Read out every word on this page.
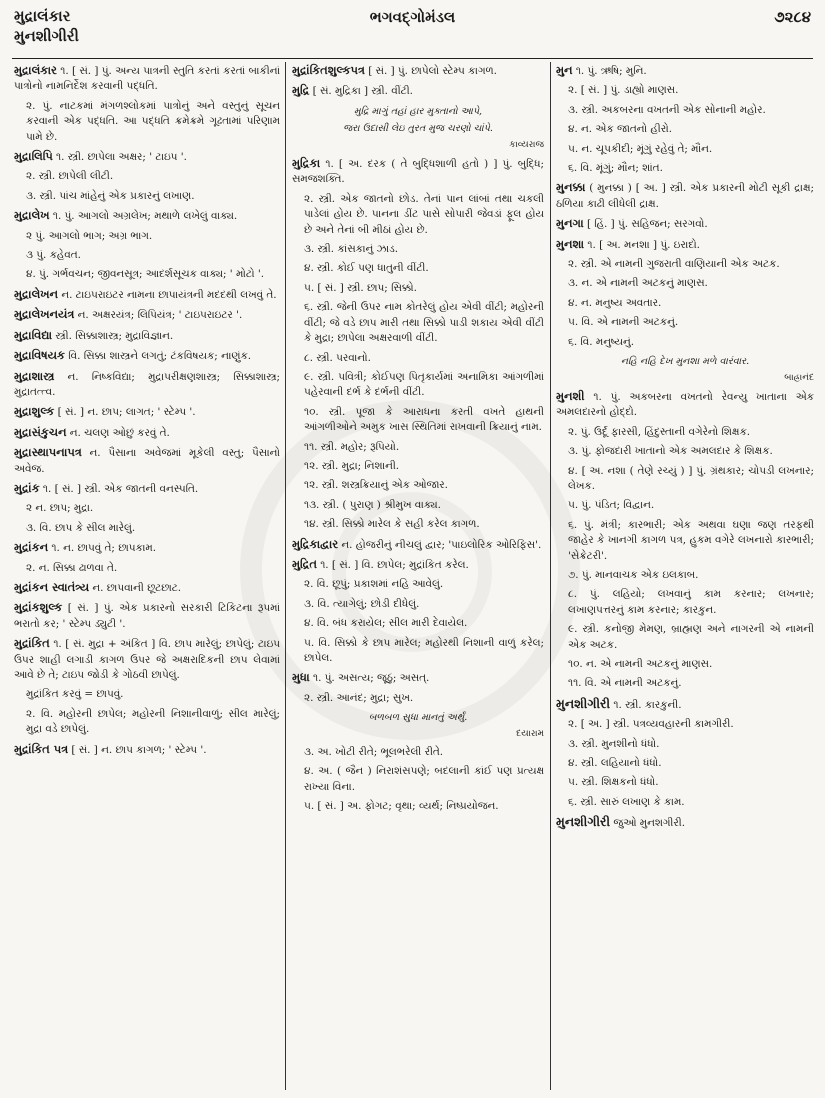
મુદ્રાલંકાર
મુનશીગીરી
ભગવદ્ગોમંડલ	૭૨૮૪
મુદ્રાલંકાર ૧. [ સં. ] પું. અન્ય પાત્રની સ્તુતિ કરતાં કરતાં બાકીનાં પાત્રોનો નામનિર્દેશ કરવાની પદ્ધતિ.
૨. પું. નાટકમાં મંગળશ્લોકમાં પાત્રોનું અને વસ્તુનું સૂચન કરવાની એક પદ્ધતિ. આ પદ્ધતિ ક્રમેક્રમે ગૂઢતામાં પરિણામ પામે છે.
મુદ્રાલિપિ ૧. સ્ત્રી. છાપેલા અક્ષર; ' ટાઇપ '.
૨. સ્ત્રી. છાપેલી લીટી.
૩. સ્ત્રી. પાંચ માંહેનું એક પ્રકારનું લખાણ.
મુદ્રાલેખ ૧. પું. આગલો અગ્રલેખ; મથાળે લખેલું વાક્ય.
૨ પું. આગલો ભાગ; અગ્ર ભાગ.
૩ પું. કહેવત.
૪. પું. ગર્ભવચન; જીવનસૂત્ર; આદર્શસૂચક વાક્ય; ' મોટો '.
મુદ્રાલેખન ન. ટાઇપરાઇટર નામના છાપાયંત્રની મદદથી લખવું તે.
મુદ્રાલેખનયંત્ર ન. અક્ષરયંત્ર; લિપિયંત્ર; ' ટાઇપરાઇટર '.
મુદ્રાવિદ્યા સ્ત્રી. સિક્કાશાસ્ત્ર; મુદ્રાવિજ્ઞાન.
મુદ્રાવિષયક વિ. સિક્કા શાસ્ત્રને લગતું; ટંકવિષયક; નાણુંક.
મુદ્રાશાસ્ત્ર ન. નિષ્કવિદ્યા; મુદ્રાપરીક્ષણશાસ્ત્ર; સિક્કાશાસ્ત્ર; મુદ્રાતત્ત્વ.
મુદ્રાશુલ્ક [ સં. ] ન. છાપ; લાગત; ' સ્ટેમ્પ '.
મુદ્રાસંકુચન ન. ચલણ ઓછું કરવું તે.
મુદ્રાસ્થાપનાપત્ર ન. પૈસાના અવેજમાં મૂકેલી વસ્તુ; પૈસાનો અવેજ.
મુદ્રાંક ૧. [ સં. ] સ્ત્રી. એક જાતની વનસ્પતિ.
૨ ન. છાપ; મુદ્રા.
૩. વિ. છાપ કે સીલ મારેલું.
મુદ્રાંકન ૧. ન. છાપવું તે; છાપકામ.
૨. ન. સિક્કા ઢાળવા તે.
મુદ્રાંકન સ્વાતંત્ર્ય ન. છાપવાની છૂટછાટ.
મુદ્રાંકશુલ્ક [ સં. ] પું. એક પ્રકારનો સરકારી ટિકિટના રૂપમાં ભરાતો કર; ' સ્ટેમ્પ ડ્યુટી '.
મુદ્રાંકિત ૧. [ સં. મુદ્રા + અંકિત ] વિ. છાપ મારેલું; છાપેલું; ટાઇપ ઉપર શાહી લગાડી કાગળ ઉપર જે અક્ષરાદિકની છાપ લેવામાં આવે છે તે; ટાઇપ જોડી કે ગોઠવી છાપેલું.
મુદ્રાંકિત કરવું = છાપવું.
૨. વિ. મહોરની છાપેલ; મહોરની નિશાનીવાળું; સીલ મારેલું; મુદ્રા વડે છાપેલું.
મુદ્રાંકિત પત્ર [ સં. ] ન. છાપ કાગળ; ' સ્ટેમ્પ '.
મુદ્રાંકિતશુલ્કપત્ર [ સં. ] પું. છાપેલો સ્ટેમ્પ કાગળ.
મુદ્રિ [ સં. મુદ્રિકા ] સ્ત્રી. વીંટી.
મુદ્રિ માગું તહાં હાર મુક્તાનો આપે,
જરા ઉદાસી લેઇ તુરત મુજ ચરણો ચાંપે.
કાવ્યરાજ
મુદ્રિકા ૧. [ અ. દરક ( તે બુદ્ધિશાળી હતો ) ] પું. બુદ્ધિ; સમજશક્તિ.
૨. સ્ત્રી. એક જાતનો છોડ. તેનાં પાન લાંબાં તથા ચકલી પાડેલાં હોય છે. પાનના ડીંટ પાસે સોપારી જેવડાં ફૂલ હોય છે અને તેનાં બી મીઠાં હોય છે.
૩. સ્ત્રી. કાંસકાનું ઝાડ.
૪. સ્ત્રી. કોઈ પણ ધાતુની વીંટી.
૫. [ સં. ] સ્ત્રી. છાપ; સિક્કો.
૬. સ્ત્રી. જેની ઉપર નામ કોતરેલું હોય એવી વીંટી; મહોરની વીંટી; જે વડે છાપ મારી તથા સિક્કો પાડી શકાય એવી વીંટી કે મુદ્રા; છાપેલા અક્ષરવાળી વીંટી.
૮. સ્ત્રી. પરવાનો.
૯. સ્ત્રી. પવિત્રી; કોઈપણ પિતૃકાર્યમાં અનામિકા આંગળીમાં પહેરવાની દર્ભ કે દર્ભની વીંટી.
૧૦. સ્ત્રી. પૂજા કે આરાધના કરતી વખતે હાથની આંગળીઓને અમુક ખાસ સ્થિતિમાં રાખવાની ક્રિયાનું નામ.
૧૧. સ્ત્રી. મહોર; રૂપિયો.
૧૨. સ્ત્રી. મુદ્રા; નિશાની.
૧૨. સ્ત્રી. શસ્ત્રક્રિયાનું એક ઓજાર.
૧૩. સ્ત્રી. ( પુરાણ ) શ્રીમુખ વાક્ય.
૧૪. સ્ત્રી. સિક્કો મારેલ કે સહી કરેલ કાગળ.
મુદ્રિકાદ્વાર ન. હોજરીનું નીચલું દ્વાર; 'પાઇલોરિક ઓરિફિસ'.
મુદ્રિત ૧. [ સં. ] વિ. છાપેલ; મુદ્રાંકિત કરેલ.
૨. વિ. છૂપું; પ્રકાશમાં નહિ આવેલું.
૩. વિ. ત્યાગેલું; છોડી દીધેલું.
૪. વિ. બંધ કરાયેલ; સીલ મારી દેવાયેલ.
૫. વિ. સિક્કો કે છાપ મારેલ; મહોરથી નિશાની વાળું કરેલ; છાપેલ.
મુધા ૧. પું. અસત્ય; જૂઠું; અસત્.
૨. સ્ત્રી. આનંદ; મુદ્રા; સુખ.
બળબળ સુધા માનતું અર્થું.
દયારામ
૩. અ. ખોટી રીતે; ભૂલભરેલી રીતે.
૪. અ. ( જૈન ) નિરાશંસપણે; બદલાની કાંઈ પણ પ્રત્યક્ષ રાખ્યા વિના.
૫. [ સં. ] અ. ફોગટ; વૃથા; વ્યર્થ; નિષ્પ્રયોજન.
મુન ૧. પું. ઋષિ; મુનિ.
૨. [ સં. ] પું. ડાહ્યો માણસ.
૩. સ્ત્રી. અકબરના વખતની એક સોનાની મહોર.
૪. ન. એક જાતનો હીરો.
૫. ન. ચૂપકીદી; મૂંગું રહેવું તે; મૌન.
૬. વિ. મૂંગું; મૌન; શાંત.
મુનક્કા ( મુનક્કા ) [ અ. ] સ્ત્રી. એક પ્રકારની મોટી સૂકી દ્રાક્ષ; ઠળિયા કાઢી લીધેલી દ્રાક્ષ.
મુનગા [ હિં. ] પું. સહિજન; સરગવો.
મુનશા ૧. [ અ. મનશા ] પું. ઇરાદો.
૨. સ્ત્રી. એ નામની ગુજરાતી વાણિયાની એક અટક.
૩. ન. એ નામની અટકનું માણસ.
૪. ન. મનુષ્ય અવતાર.
૫. વિ. એ નામની અટકનું.
૬. વિ. મનુષ્યનું.
નહિ નહિ દેખ મુનશા મળે વારંવાર.
બાહ્રાનંદ
મુનશી ૧. પું. અકબરના વખતનો રેવન્યુ ખાતાના એક અમલદારનો હોદ્દો.
૨. પું. ઉર્દૂ ફારસી, હિંદુસ્તાની વગેરેનો શિક્ષક.
૩. પું. ફોજદારી ખાતાનો એક અમલદાર કે શિક્ષક.
૪. [ અ. નશા ( તેણે રચ્યું ) ] પું. ગ્રંથકાર; ચોપડી લખનાર; લેખક.
૫. પું. પંડિત; વિદ્વાન.
૬. પું. મંત્રી; કારભારી; એક અથવા ઘણા જણ તરફથી જાહેર કે ખાનગી કાગળ પત્ર, હુકમ વગેરે લખનારો કારભારી; 'સેક્રેટરી'.
૭. પું. માનવાચક એક ઇલકાબ.
૮. પું. લહિયો; લખવાનું કામ કરનાર; લખનાર; લખાણપત્તરનું કામ કરનાર; કારકુન.
૯. સ્ત્રી. કનોજી મેમણ, બ્રાહ્મણ અને નાગરની એ નામની એક અટક.
૧૦. ન. એ નામની અટકનું માણસ.
૧૧. વિ. એ નામની અટકનું.
મુનશીગીરી ૧. સ્ત્રી. કારકુની.
૨. [ અ. ] સ્ત્રી. પત્રવ્યવહારની કામગીરી.
૩. સ્ત્રી. મુનશીનો ધંધો.
૪. સ્ત્રી. લહિયાનો ધંધો.
૫. સ્ત્રી. શિક્ષકનો ધંધો.
૬. સ્ત્રી. સારું લખાણ કે કામ.
મુનશીગીરી જુઓ મુનશગીરી.
